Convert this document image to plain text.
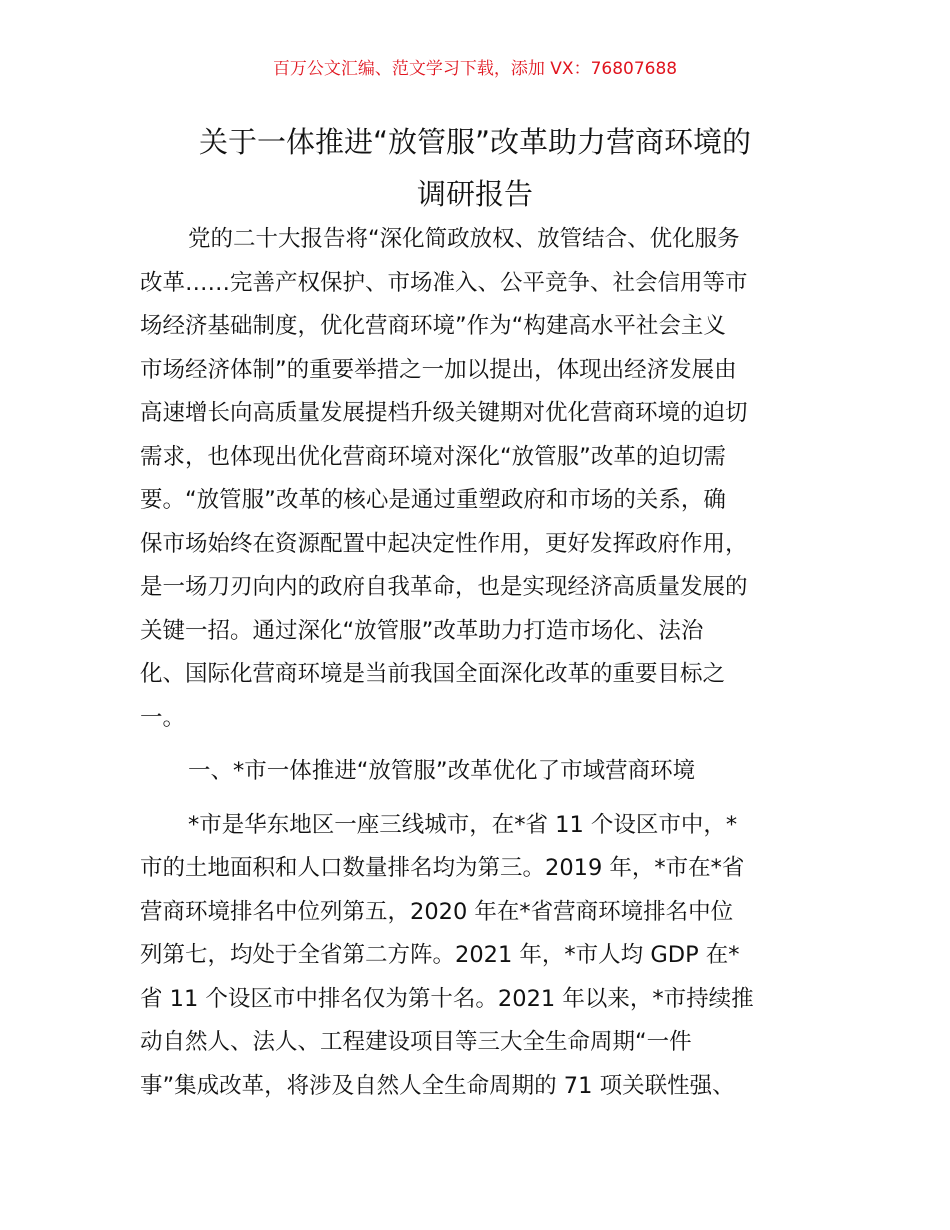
百万公文汇编、范文学习下载，添加 VX：76807688
关于一体推进“放管服”改革助力营商环境的
调研报告
党的二十大报告将“深化简政放权、放管结合、优化服务
改革……完善产权保护、市场准入、公平竞争、社会信用等市
场经济基础制度，优化营商环境”作为“构建高水平社会主义
市场经济体制”的重要举措之一加以提出，体现出经济发展由
高速增长向高质量发展提档升级关键期对优化营商环境的迫切
需求，也体现出优化营商环境对深化“放管服”改革的迫切需
要。“放管服”改革的核心是通过重塑政府和市场的关系，确
保市场始终在资源配置中起决定性作用，更好发挥政府作用，
是一场刀刃向内的政府自我革命，也是实现经济高质量发展的
关键一招。通过深化“放管服”改革助力打造市场化、法治
化、国际化营商环境是当前我国全面深化改革的重要目标之
一。
一、*市一体推进“放管服”改革优化了市域营商环境
*市是华东地区一座三线城市，在*省 11 个设区市中，*
市的土地面积和人口数量排名均为第三。2019 年，*市在*省
营商环境排名中位列第五，2020 年在*省营商环境排名中位
列第七，均处于全省第二方阵。2021 年，*市人均 GDP 在*
省 11 个设区市中排名仅为第十名。2021 年以来，*市持续推
动自然人、法人、工程建设项目等三大全生命周期“一件
事”集成改革，将涉及自然人全生命周期的 71 项关联性强、
